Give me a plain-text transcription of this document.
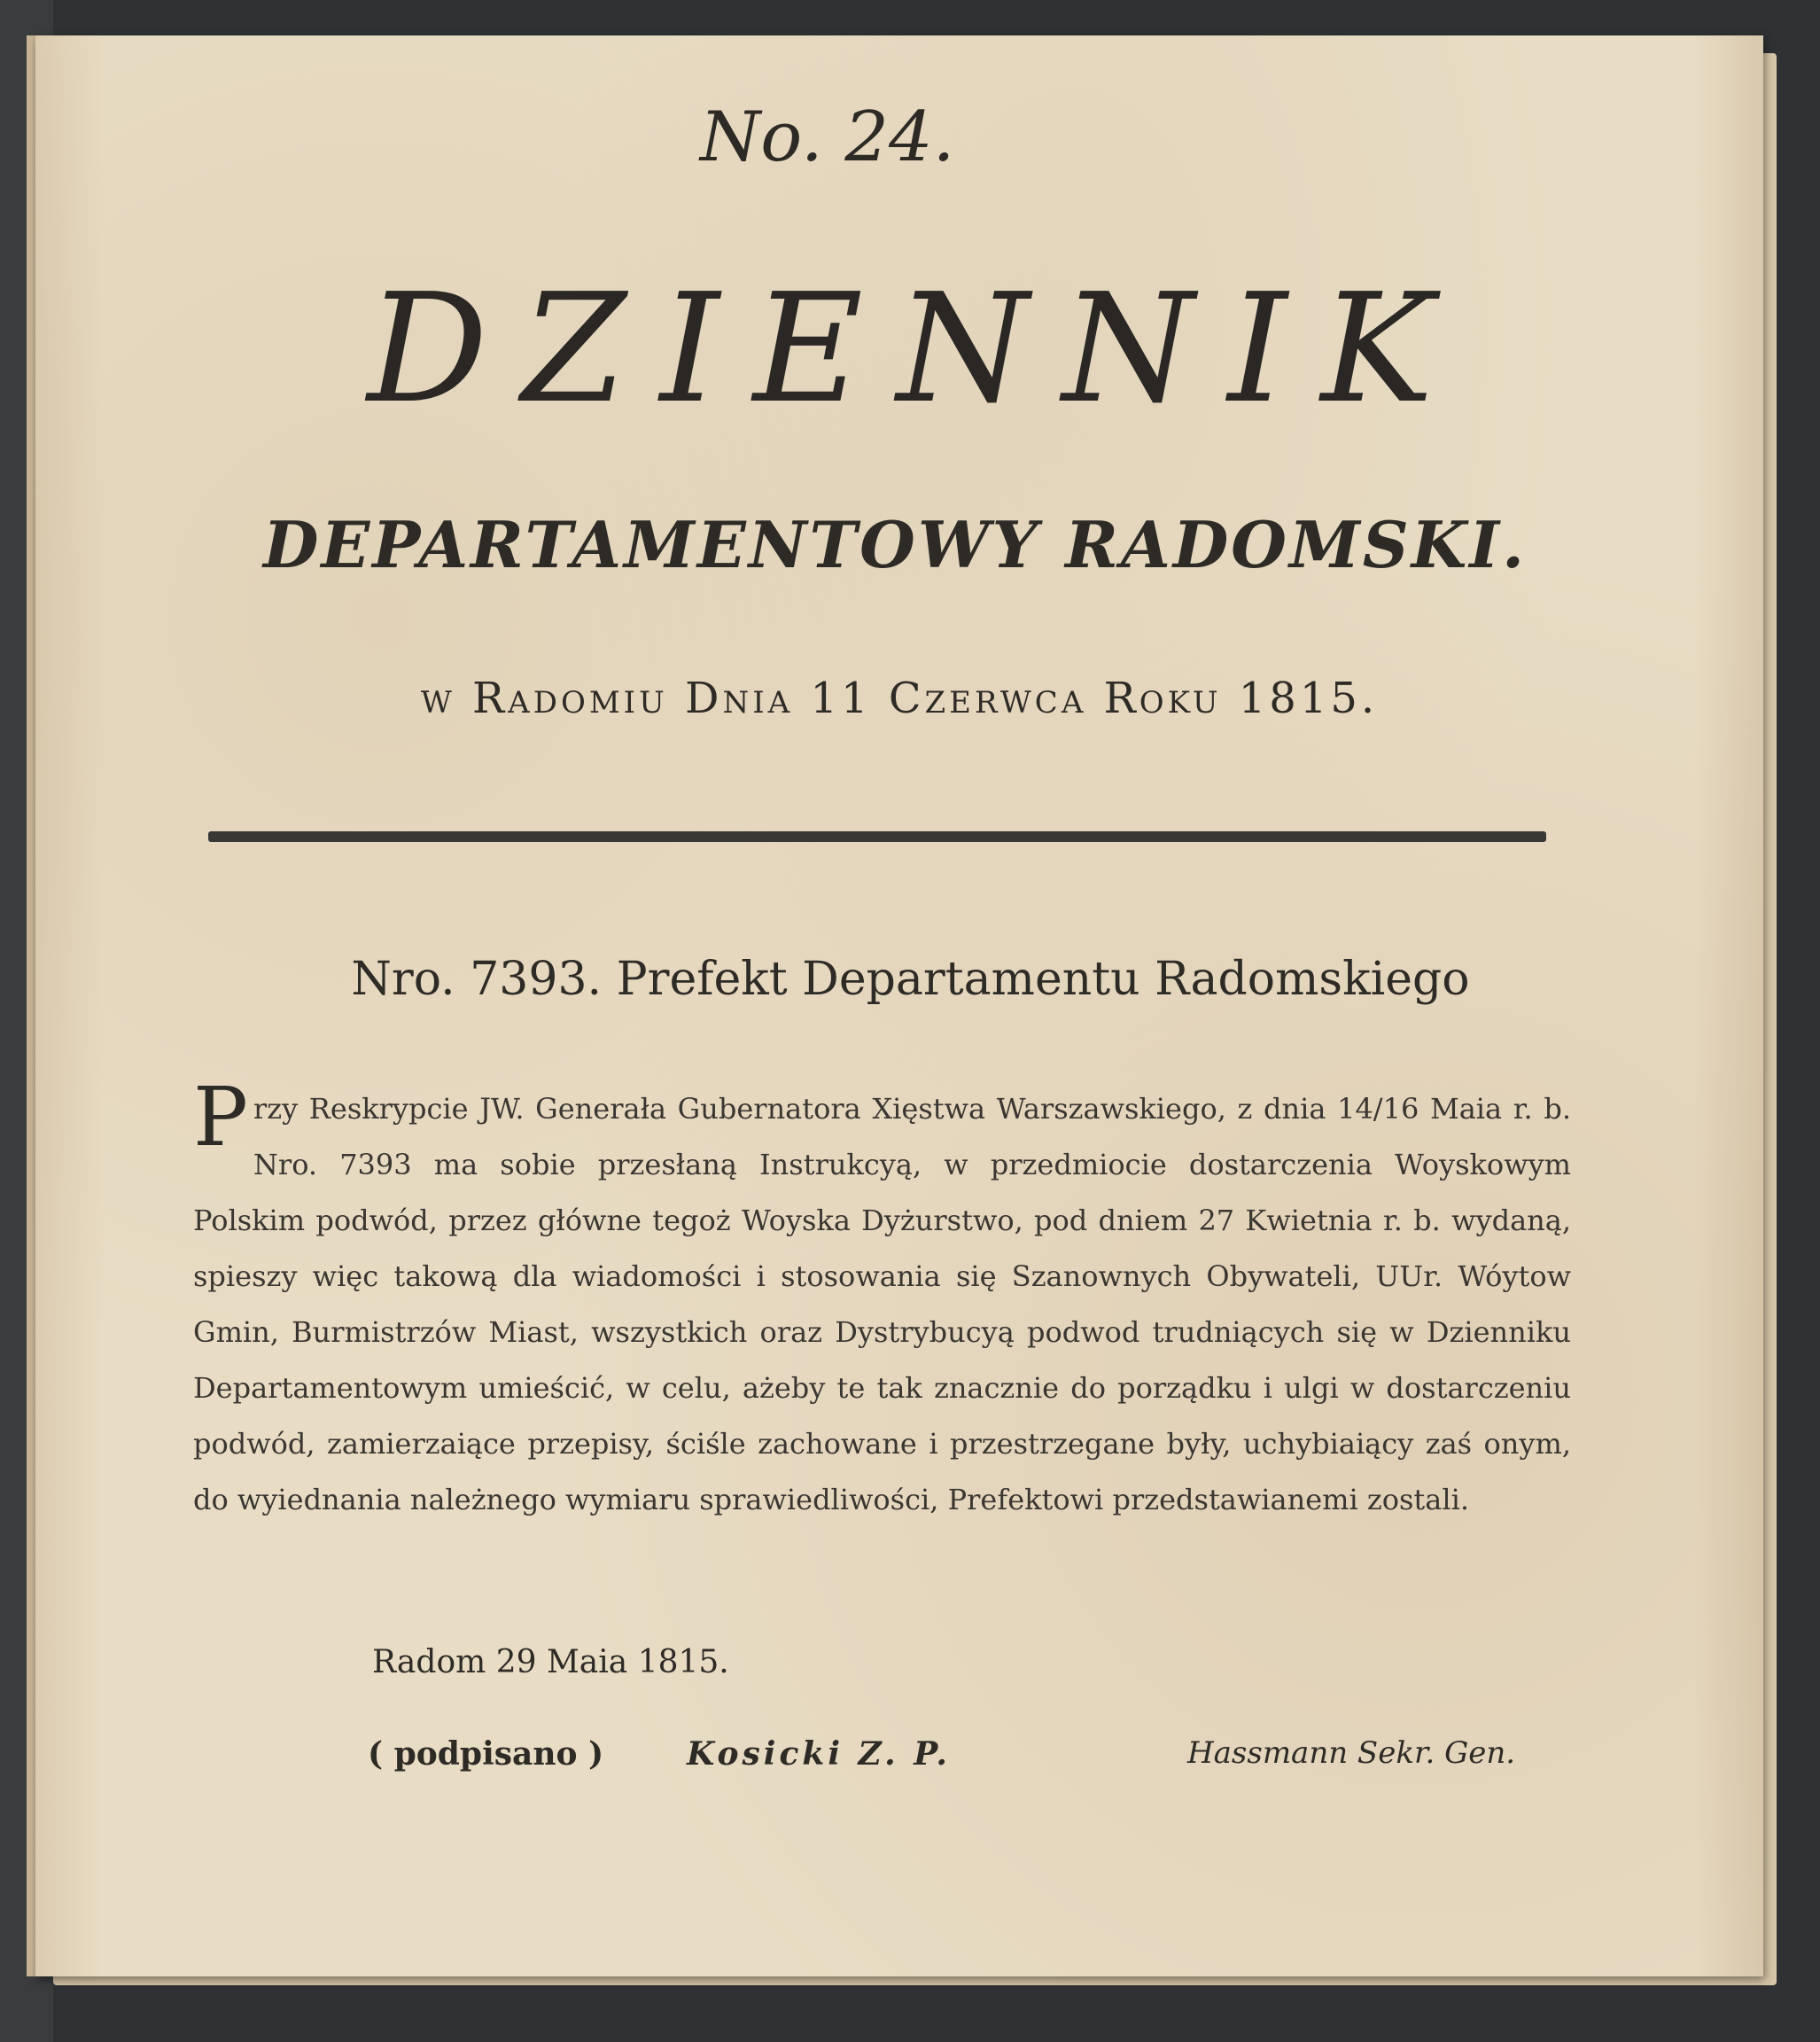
No. 24.
DZIENNIK
DEPARTAMENTOWY RADOMSKI.
w Radomiu Dnia 11 Czerwca Roku 1815.
Nro. 7393. Prefekt Departamentu Radomskiego
P rzy Reskrypcie JW. Generała Gubernatora Xięstwa Warszawskiego, z dnia 14/16 Maia r. b. Nro. 7393 ma sobie przesłaną Instrukcyą, w przedmiocie dostarczenia Woyskowym Polskim podwód, przez główne tegoż Woyska Dyżurstwo, pod dniem 27 Kwietnia r. b. wydaną, spieszy więc takową dla wiadomości i stosowania się Szanownych Obywateli, UUr. Wóytow Gmin, Burmistrzów Miast, wszystkich oraz Dystrybucyą podwod trudniących się w Dzienniku Departamentowym umieścić, w celu, ażeby te tak znacznie do porządku i ulgi w dostarczeniu podwód, zamierzaiące przepisy, ściśle zachowane i przestrzegane były, uchybiaiący zaś onym, do wyiednania należnego wymiaru sprawiedliwości, Prefektowi przedstawianemi zostali.
Radom 29 Maia 1815.
( podpisano )	Kosicki Z. P.	Hassmann Sekr. Gen.
